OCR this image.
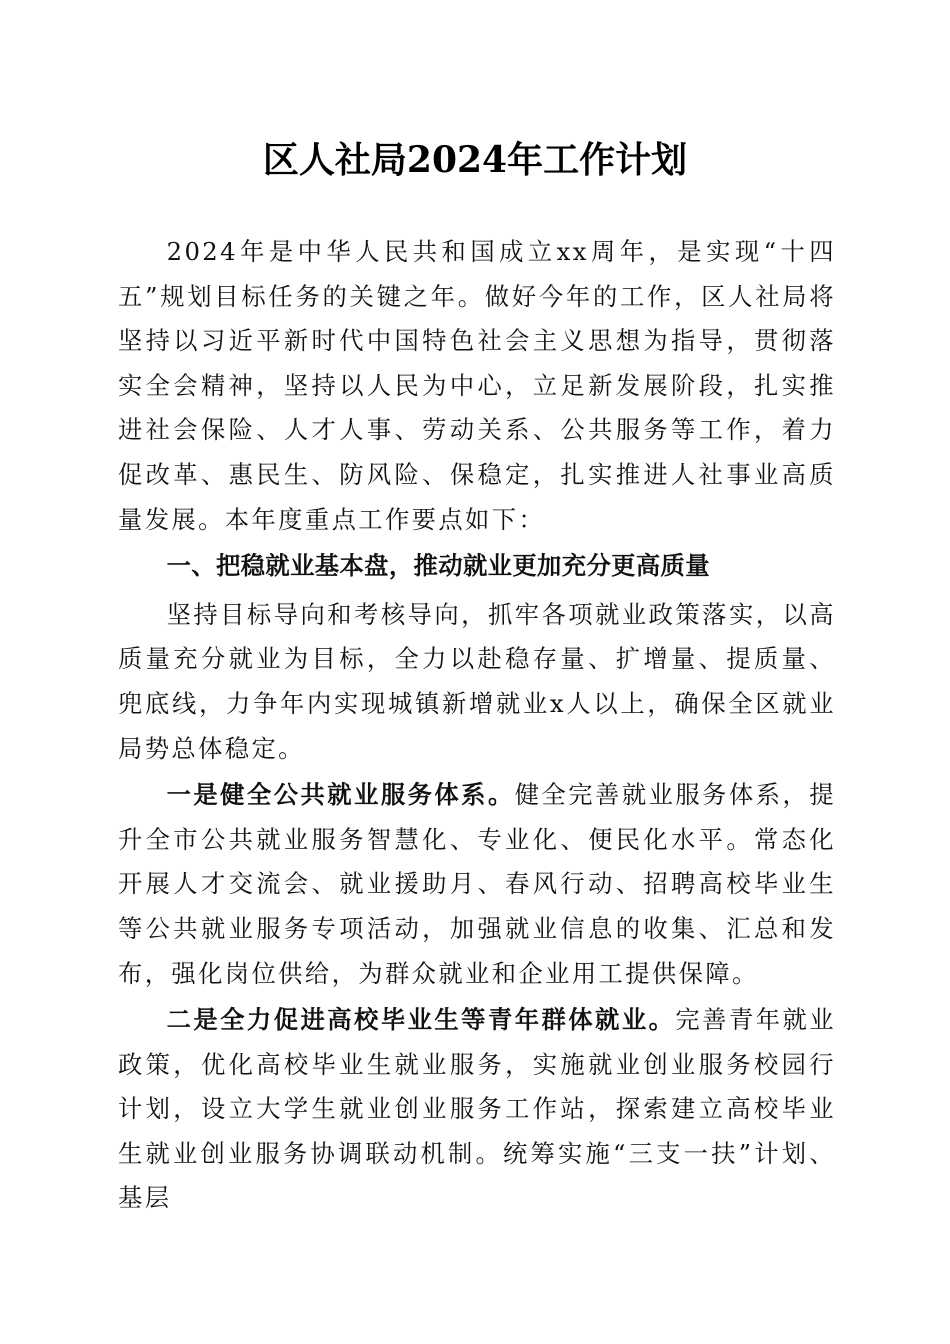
区人社局2024年工作计划

2024年是中华人民共和国成立xx周年，是实现“十四五”规划目标任务的关键之年。做好今年的工作，区人社局将坚持以习近平新时代中国特色社会主义思想为指导，贯彻落实全会精神，坚持以人民为中心，立足新发展阶段，扎实推进社会保险、人才人事、劳动关系、公共服务等工作，着力促改革、惠民生、防风险、保稳定，扎实推进人社事业高质量发展。本年度重点工作要点如下：

一、把稳就业基本盘，推动就业更加充分更高质量

坚持目标导向和考核导向，抓牢各项就业政策落实，以高质量充分就业为目标，全力以赴稳存量、扩增量、提质量、兜底线，力争年内实现城镇新增就业x人以上，确保全区就业局势总体稳定。

一是健全公共就业服务体系。健全完善就业服务体系，提升全市公共就业服务智慧化、专业化、便民化水平。常态化开展人才交流会、就业援助月、春风行动、招聘高校毕业生等公共就业服务专项活动，加强就业信息的收集、汇总和发布，强化岗位供给，为群众就业和企业用工提供保障。

二是全力促进高校毕业生等青年群体就业。完善青年就业政策，优化高校毕业生就业服务，实施就业创业服务校园行计划，设立大学生就业创业服务工作站，探索建立高校毕业生就业创业服务协调联动机制。统筹实施“三支一扶”计划、基层
